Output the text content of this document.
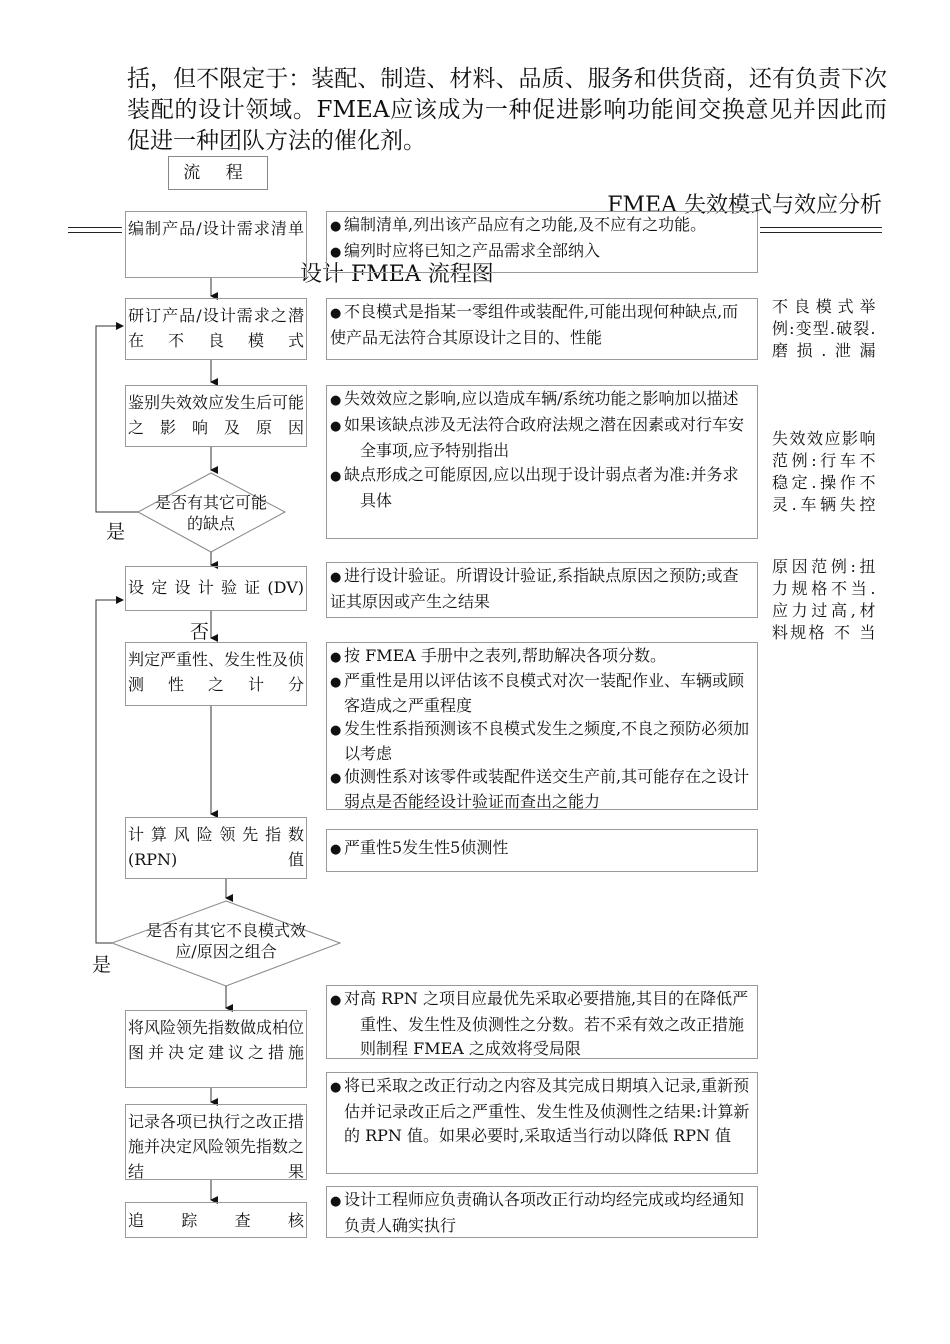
括，但不限定于：装配、制造、材料、品质、服务和供货商，还有负责下次装配的设计领域。FMEA应该成为一种促进影响功能间交换意见并因此而促进一种团队方法的催化剂。

流 程
FMEA 失效模式与效应分析
设计 FMEA 流程图
编制产品/设计需求清单
研订产品/设计需求之潜在不良模式
鉴别失效效应发生后可能之影响及原因
设定设计验证(DV)
判定严重性、发生性及侦测性之计分
计算风险领先指数(RPN)值
将风险领先指数做成柏位图并决定建议之措施
记录各项已执行之改正措施并决定风险领先指数之结果
追 踪 查 核
是否有其它可能的缺点
是否有其它不良模式效应/原因之组合
是
否
是
● 编制清单,列出该产品应有之功能,及不应有之功能。
● 编列时应将已知之产品需求全部纳入
● 不良模式是指某一零组件或装配件,可能出现何种缺点,而使产品无法符合其原设计之目的、性能
● 失效效应之影响,应以造成车辆/系统功能之影响加以描述
● 如果该缺点涉及无法符合政府法规之潜在因素或对行车安全事项,应予特别指出
● 缺点形成之可能原因,应以出现于设计弱点者为准:并务求具体
● 进行设计验证。所谓设计验证,系指缺点原因之预防;或查证其原因或产生之结果
● 按 FMEA 手册中之表列,帮助解决各项分数。
● 严重性是用以评估该不良模式对次一装配作业、车辆或顾客造成之严重程度
● 发生性系指预测该不良模式发生之频度,不良之预防必须加以考虑
● 侦测性系对该零件或装配件送交生产前,其可能存在之设计弱点是否能经设计验证而查出之能力
● 严重性5发生性5侦测性
● 对高 RPN 之项目应最优先采取必要措施,其目的在降低严重性、发生性及侦测性之分数。若不采有效之改正措施则制程 FMEA 之成效将受局限
● 将已采取之改正行动之内容及其完成日期填入记录,重新预估并记录改正后之严重性、发生性及侦测性之结果:计算新的 RPN 值。如果必要时,采取适当行动以降低 RPN 值
● 设计工程师应负责确认各项改正行动均经完成或均经通知负责人确实执行

不良模式举例:变型.破裂.磨损.泄漏

失效效应影响范例:行车不稳定.操作不灵.车辆失控

原因范例:扭力规格不当.应力过高,材料规格 不 当
